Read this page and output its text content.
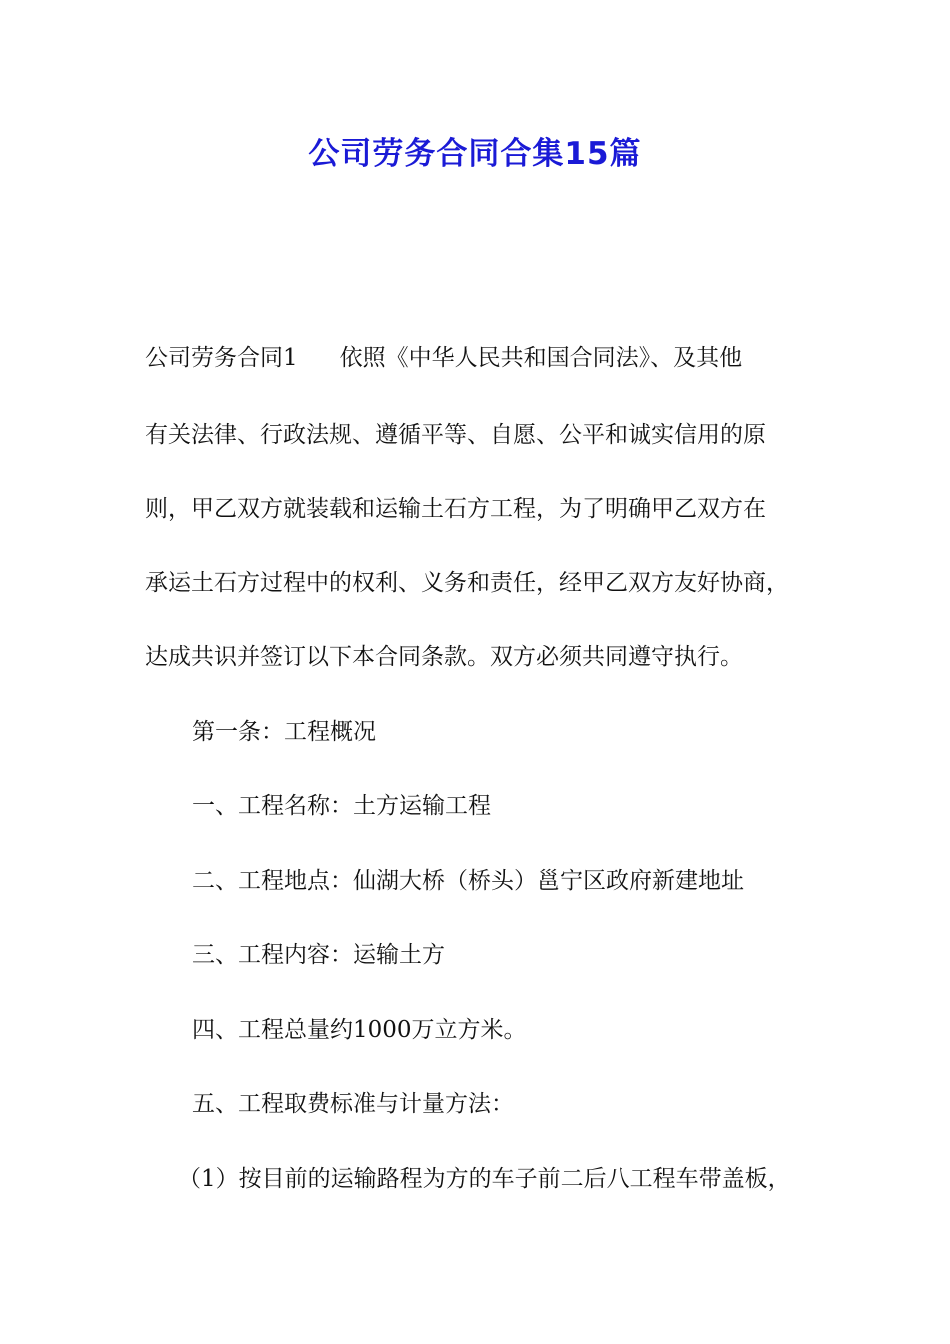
公司劳务合同合集15篇
公司劳务合同1 依照《中华人民共和国合同法》、及其他
有关法律、行政法规、遵循平等、自愿、公平和诚实信用的原
则，甲乙双方就装载和运输土石方工程，为了明确甲乙双方在
承运土石方过程中的权利、义务和责任，经甲乙双方友好协商，
达成共识并签订以下本合同条款。双方必须共同遵守执行。
第一条：工程概况
一、工程名称：土方运输工程
二、工程地点：仙湖大桥（桥头）邕宁区政府新建地址
三、工程内容：运输土方
四、工程总量约1000万立方米。
五、工程取费标准与计量方法：
（1）按目前的运输路程为方的车子前二后八工程车带盖板，
